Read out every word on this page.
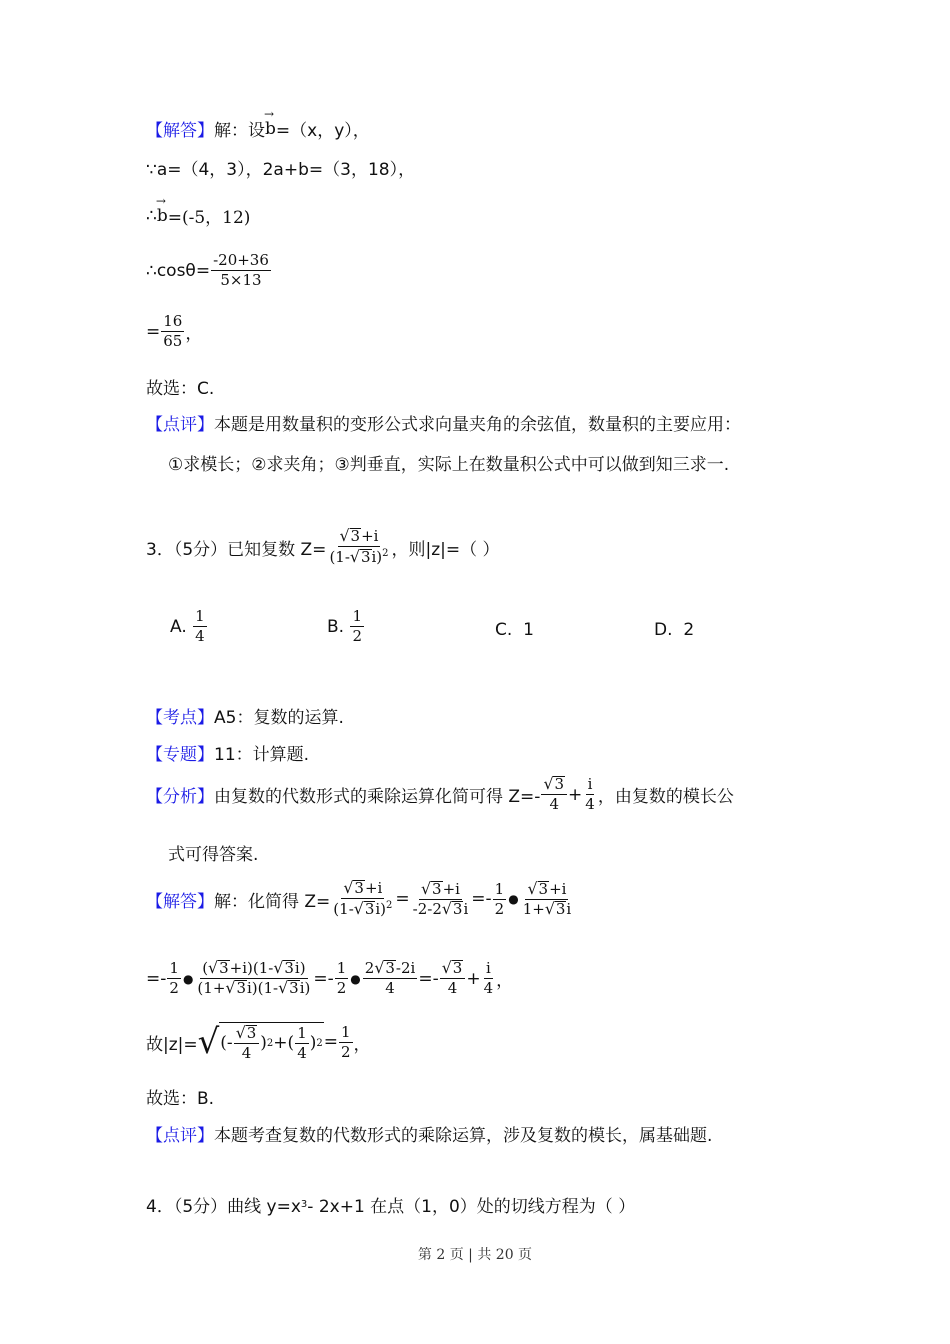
【解答】 解：设 → b =（x，y），
∵a=（4，3），2a+b=（3，18），
∴ → b =(-5，12)
∴cosθ= $\frac{-20+36}{5\times 13}$
= $\frac{16}{65}$ ，
故选：C.
【点评】 本题是用数量积的变形公式求向量夹角的余弦值，数量积的主要应用：
①求模长；②求夹角；③判垂直，实际上在数量积公式中可以做到知三求一.
3．（5分）已知复数 $Z= \frac{√ 3 +i}{(1- √ 3 i)^2}$ ，则|z|=（ ）
A.
$\frac{1}{4}$	B.
$\frac{1}{2}$	C.
1	D.
2
【考点】 A5：复数的运算.
【专题】 11：计算题.
【分析】 由复数的代数形式的乘除运算化简可得 $Z=- \frac{√ 3}{4} + \frac{i}{4}$ ，由复数的模长公
式可得答案.
【解答】 解：化简得 $Z= \frac{√ 3 +i}{(1- √ 3 i)^2} = \frac{√ 3 +i}{-2-2 √ 3 i} =- \frac{1}{2}$ ● $\frac{√ 3 +i}{1+ √ 3 i}$
=- $\frac{1}{2}$ ● $\frac{( √ 3 +i)(1- √ 3 i)}{(1+ √ 3 i)(1- √ 3 i)} =- \frac{1}{2}$ ● $\frac{2 √ 3 -2i}{4} =- \frac{√ 3}{4} + \frac{i}{4}$ ，
故|z|= √ (- $\frac{√ 3}{4}$ ) 2 +( $\frac{1}{4}$ ) $2 = \frac{1}{2}$ ，
故选：B.
【点评】 本题考查复数的代数形式的乘除运算，涉及复数的模长，属基础题.
4．（5分）曲线 y=x 3 - 2x+1 在点（1，0）处的切线方程为（ ）
第 2 页 | 共 20 页
